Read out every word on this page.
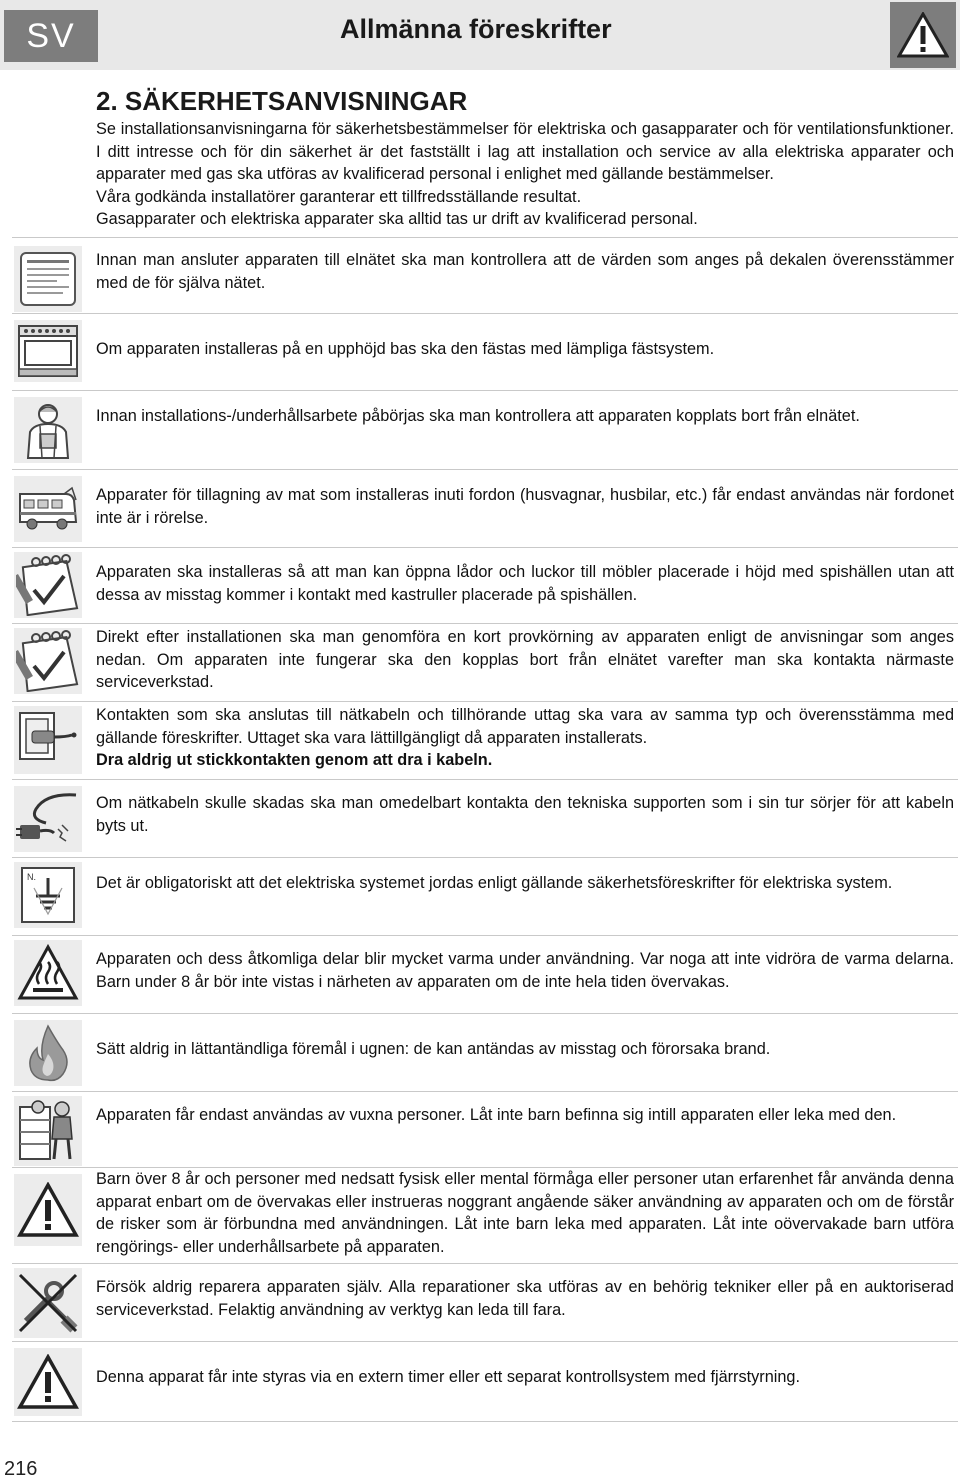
SV	Allmänna föreskrifter
2. SÄKERHETSANVISNINGAR

Se installationsanvisningarna för säkerhetsbestämmelser för elektriska och gasapparater och för ventilationsfunktioner. I ditt intresse och för din säkerhet är det fastställt i lag att installation och service av alla elektriska apparater och apparater med gas ska utföras av kvalificerad personal i enlighet med gällande bestämmelser.

Våra godkända installatörer garanterar ett tillfredsställande resultat.

Gasapparater och elektriska apparater ska alltid tas ur drift av kvalificerad personal.

Innan man ansluter apparaten till elnätet ska man kontrollera att de värden som anges på dekalen överensstämmer med de för själva nätet.
Om apparaten installeras på en upphöjd bas ska den fästas med lämpliga fästsystem.
Innan installations-/underhållsarbete påbörjas ska man kontrollera att apparaten kopplats bort från elnätet.
Apparater för tillagning av mat som installeras inuti fordon (husvagnar, husbilar, etc.) får endast användas när fordonet inte är i rörelse.
Apparaten ska installeras så att man kan öppna lådor och luckor till möbler placerade i höjd med spishällen utan att dessa av misstag kommer i kontakt med kastruller placerade på spishällen.
Direkt efter installationen ska man genomföra en kort provkörning av apparaten enligt de anvisningar som anges nedan. Om apparaten inte fungerar ska den kopplas bort från elnätet varefter man ska kontakta närmaste serviceverkstad.

Kontakten som ska anslutas till nätkabeln och tillhörande uttag ska vara av samma typ och överensstämma med gällande föreskrifter. Uttaget ska vara lättillgängligt då apparaten installerats.

Dra aldrig ut stickkontakten genom att dra i kabeln.

Om nätkabeln skulle skadas ska man omedelbart kontakta den tekniska supporten som i sin tur sörjer för att kabeln byts ut.
N.	Det är obligatoriskt att det elektriska systemet jordas enligt gällande säkerhetsföreskrifter för elektriska system.
Apparaten och dess åtkomliga delar blir mycket varma under användning. Var noga att inte vidröra de varma delarna. Barn under 8 år bör inte vistas i närheten av apparaten om de inte hela tiden övervakas.
Sätt aldrig in lättantändliga föremål i ugnen: de kan antändas av misstag och förorsaka brand.
Apparaten får endast användas av vuxna personer. Låt inte barn befinna sig intill apparaten eller leka med den.
Barn över 8 år och personer med nedsatt fysisk eller mental förmåga eller personer utan erfarenhet får använda denna apparat enbart om de övervakas eller instrueras noggrant angående säker användning av apparaten och om de förstår de risker som är förbundna med användningen. Låt inte barn leka med apparaten. Låt inte oövervakade barn utföra rengörings- eller underhållsarbete på apparaten.
Försök aldrig reparera apparaten själv. Alla reparationer ska utföras av en behörig tekniker eller på en auktoriserad serviceverkstad. Felaktig användning av verktyg kan leda till fara.
Denna apparat får inte styras via en extern timer eller ett separat kontrollsystem med fjärrstyrning.
216
